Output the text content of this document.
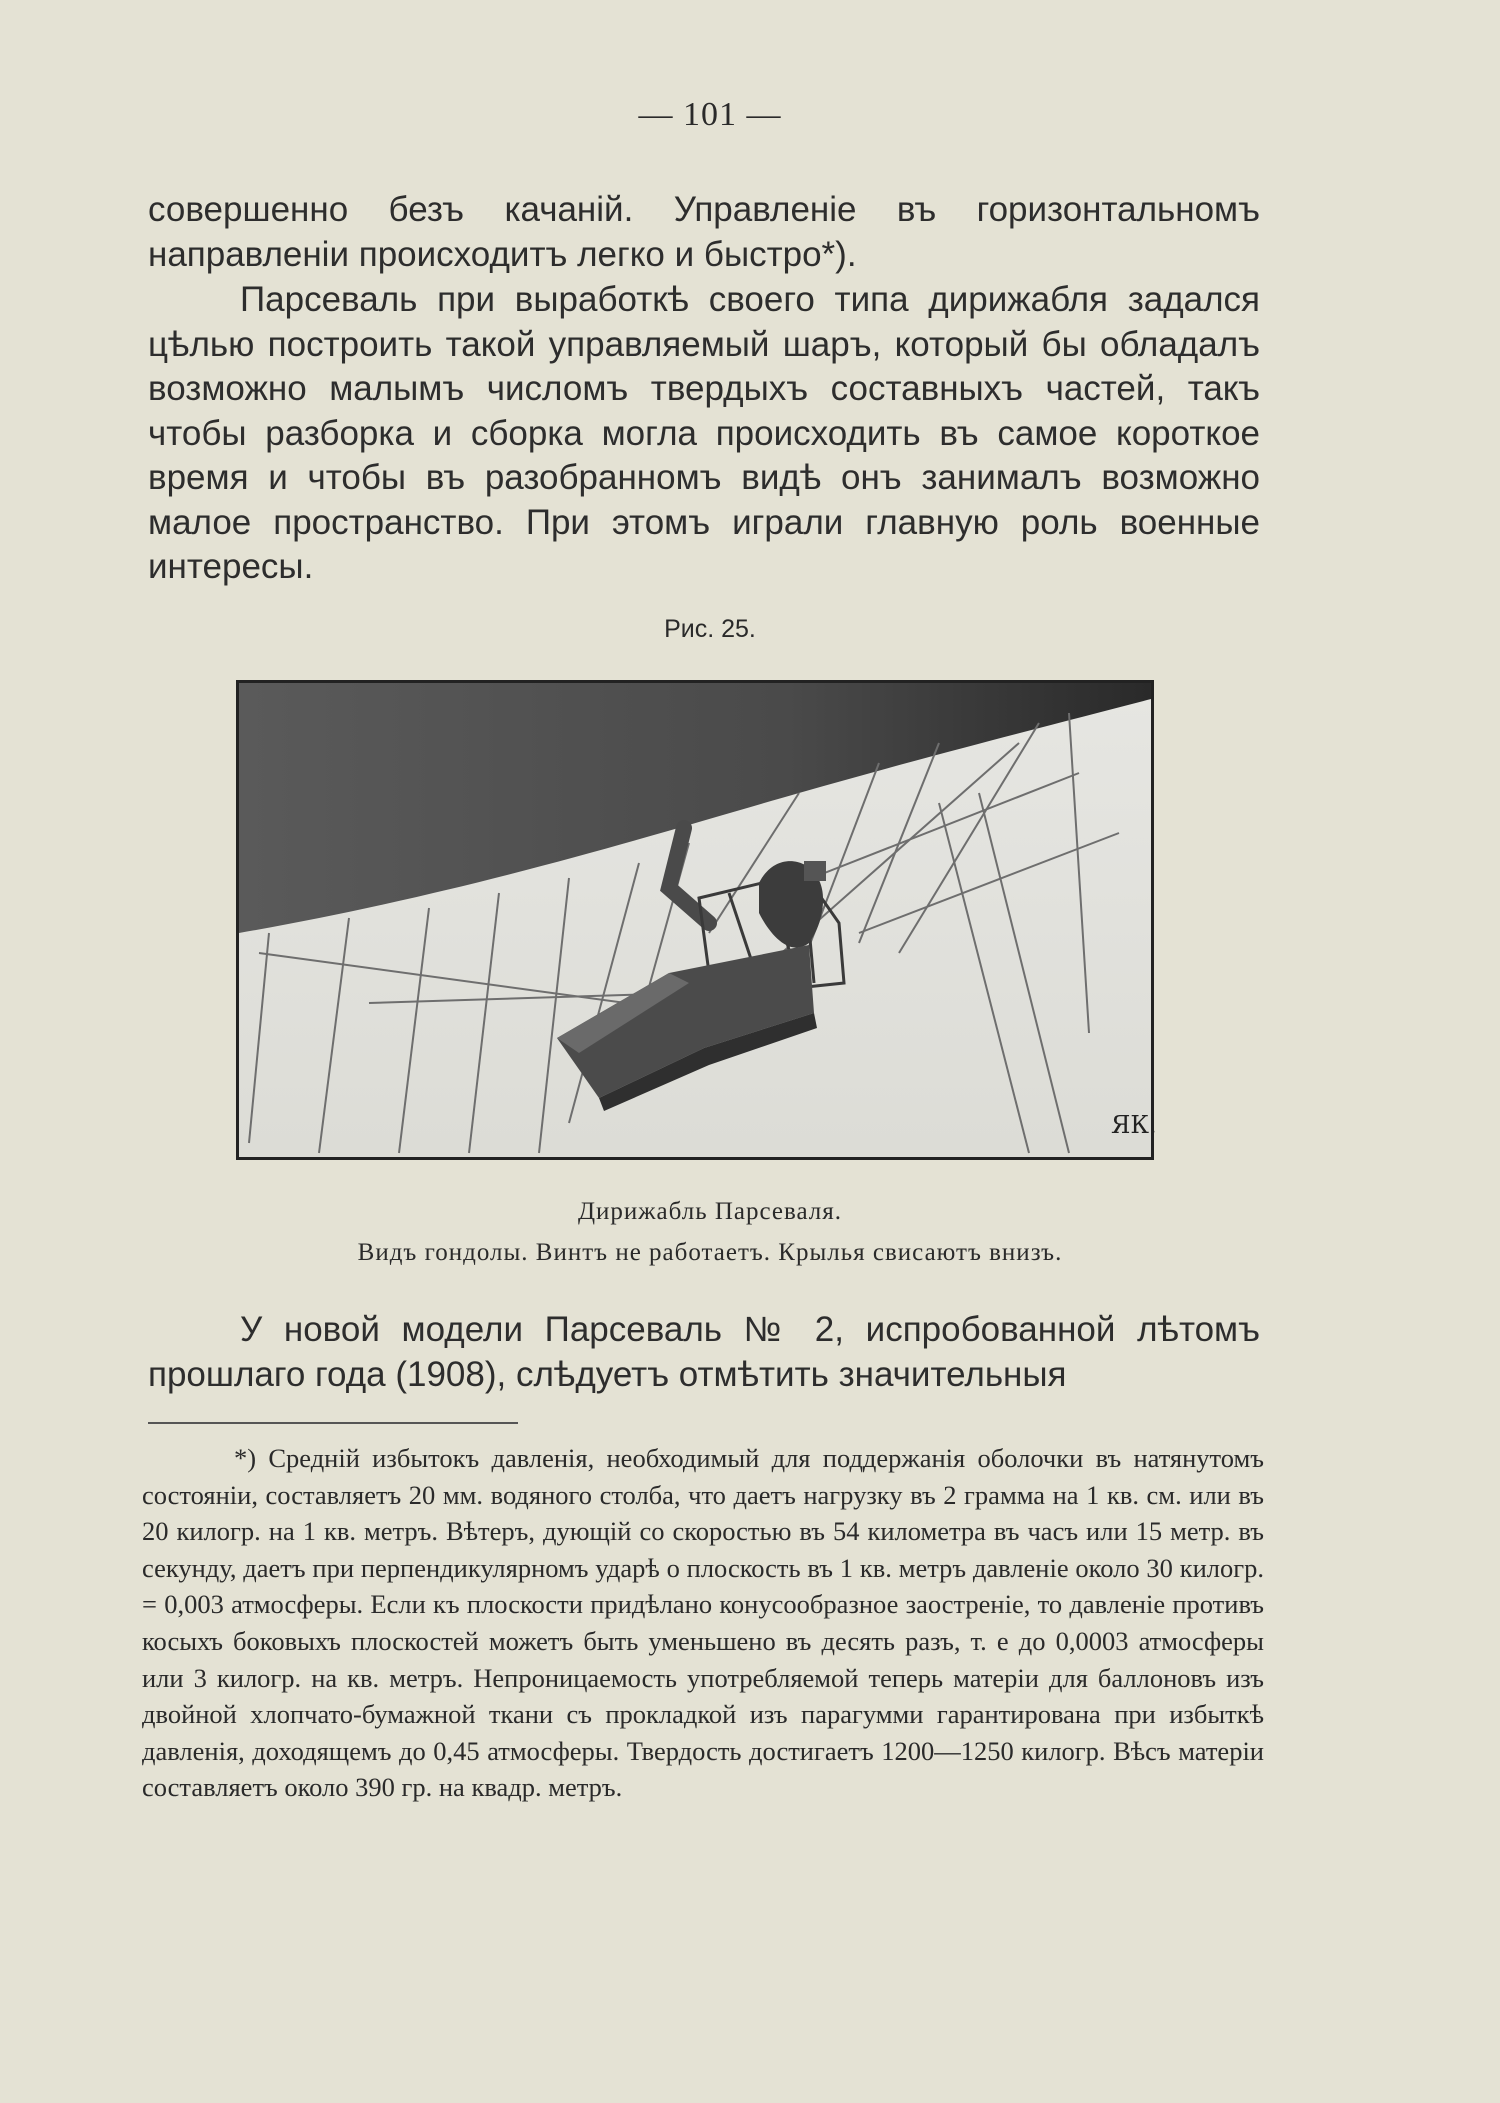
— 101 —

совершенно безъ качаній. Управленіе въ горизонтальномъ направленіи происходитъ легко и быстро*).

Парсеваль при выработкѣ своего типа дирижабля задался цѣлью построить такой управляемый шаръ, который бы обладалъ возможно малымъ числомъ твердыхъ составныхъ частей, такъ чтобы разборка и сборка могла происходить въ самое короткое время и чтобы въ разобранномъ видѣ онъ занималъ возможно малое пространство. При этомъ играли главную роль военные интересы.

Рис. 25.
ЯК.
Дирижабль Парсеваля.
Видъ гондолы. Винтъ не работаетъ. Крылья свисаютъ внизъ.

У новой модели Парсеваль № 2, испробованной лѣтомъ прошлаго года (1908), слѣдуетъ отмѣтить значительныя

*) Среднiй избытокъ давленія, необходимый для поддержанія оболочки въ натянутомъ состояніи, составляетъ 20 мм. водяного столба, что даетъ нагрузку въ 2 грамма на 1 кв. см. или въ 20 килогр. на 1 кв. метръ. Вѣтеръ, дующій со скоростью въ 54 километра въ часъ или 15 метр. въ секунду, даетъ при перпендикулярномъ ударѣ о плоскость въ 1 кв. метръ давленіе около 30 килогр. = 0,003 атмосферы. Если къ плоскости придѣлано конусообразное заостреніе, то давленіе противъ косыхъ боковыхъ плоскостей можетъ быть уменьшено въ десять разъ, т. е до 0,0003 атмосферы или 3 килогр. на кв. метръ. Непроницаемость употребляемой теперь матеріи для баллоновъ изъ двойной хлопчато-бумажной ткани съ прокладкой изъ парагумми гарантирована при избыткѣ давленія, доходящемъ до 0,45 атмосферы. Твердость достигаетъ 1200—1250 килогр. Вѣсъ матеріи составляетъ около 390 гр. на квадр. метръ.
